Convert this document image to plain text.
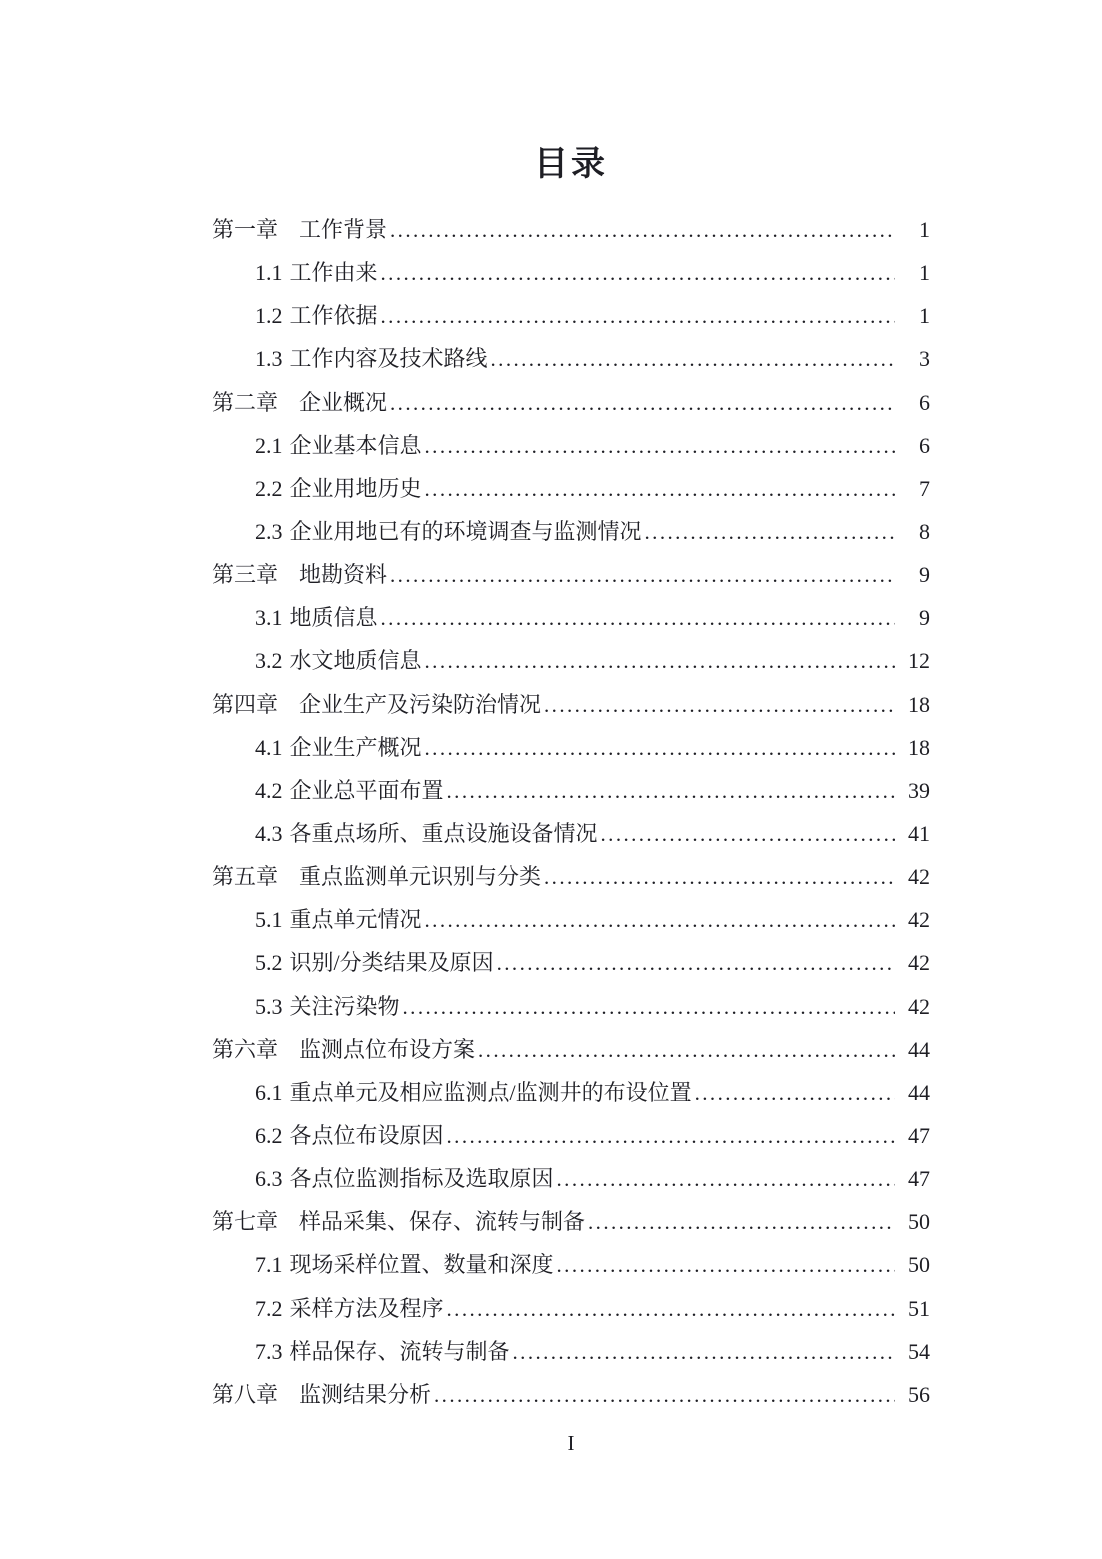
目录
第一章 工作背景 .....	1
1.1 工作由来 .....	1
1.2 工作依据 .....	1
1.3 工作内容及技术路线 .....	3
第二章 企业概况 .....	6
2.1 企业基本信息 .....	6
2.2 企业用地历史 .....	7
2.3 企业用地已有的环境调查与监测情况 .....	8
第三章 地勘资料 .....	9
3.1 地质信息 .....	9
3.2 水文地质信息 .....	12
第四章 企业生产及污染防治情况 .....	18
4.1 企业生产概况 .....	18
4.2 企业总平面布置 .....	39
4.3 各重点场所、重点设施设备情况 .....	41
第五章 重点监测单元识别与分类 .....	42
5.1 重点单元情况 .....	42
5.2 识别/分类结果及原因 .....	42
5.3 关注污染物 .....	42
第六章 监测点位布设方案 .....	44
6.1 重点单元及相应监测点/监测井的布设位置 .....	44
6.2 各点位布设原因 .....	47
6.3 各点位监测指标及选取原因 .....	47
第七章 样品采集、保存、流转与制备 .....	50
7.1 现场采样位置、数量和深度 .....	50
7.2 采样方法及程序 .....	51
7.3 样品保存、流转与制备 .....	54
第八章 监测结果分析 .....	56
I
